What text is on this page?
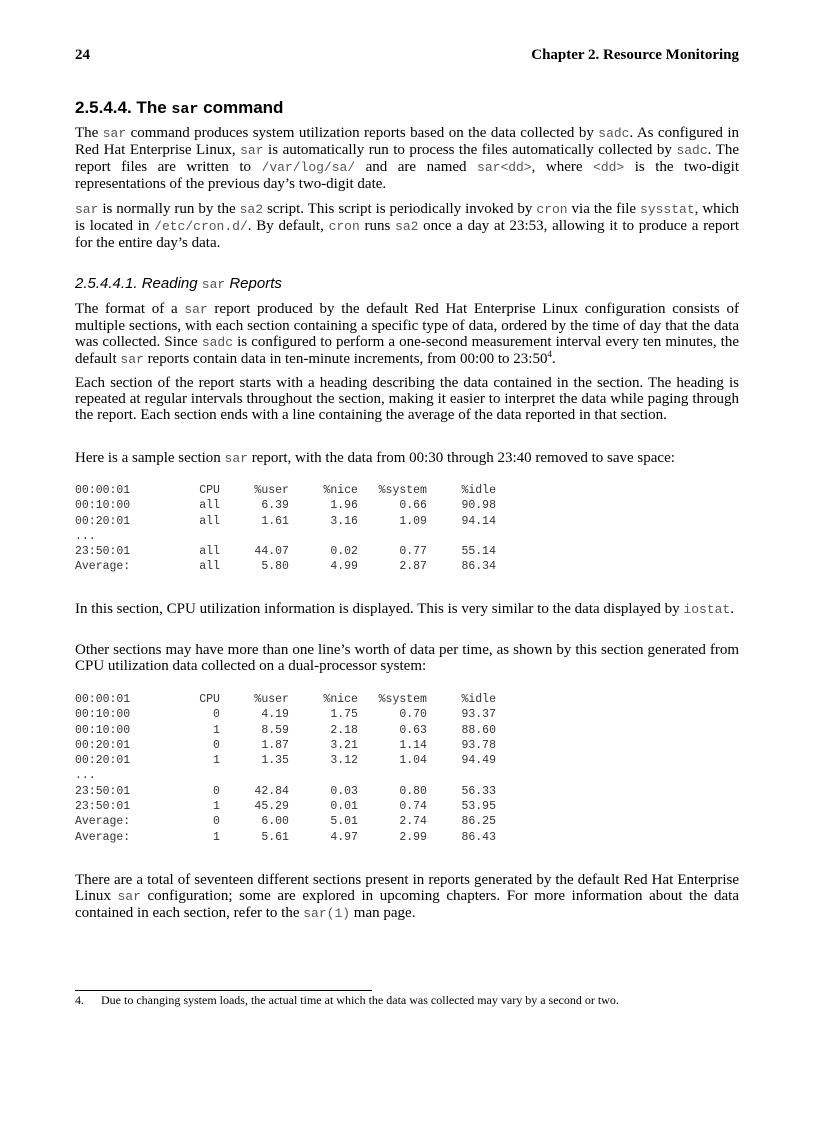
24	Chapter 2. Resource Monitoring
2.5.4.4. The sar command

The sar command produces system utilization reports based on the data collected by sadc. As configured in Red Hat Enterprise Linux, sar is automatically run to process the files automatically collected by sadc. The report files are written to /var/log/sa/ and are named sar<dd>, where <dd> is the two-digit representations of the previous day’s two-digit date.

sar is normally run by the sa2 script. This script is periodically invoked by cron via the file sysstat, which is located in /etc/cron.d/. By default, cron runs sa2 once a day at 23:53, allowing it to produce a report for the entire day’s data.

2.5.4.4.1. Reading sar Reports

The format of a sar report produced by the default Red Hat Enterprise Linux configuration consists of multiple sections, with each section containing a specific type of data, ordered by the time of day that the data was collected. Since sadc is configured to perform a one-second measurement interval every ten minutes, the default sar reports contain data in ten-minute increments, from 00:00 to $23:50^4$.

Each section of the report starts with a heading describing the data contained in the section. The heading is repeated at regular intervals throughout the section, making it easier to interpret the data while paging through the report. Each section ends with a line containing the average of the data reported in that section.

Here is a sample section sar report, with the data from 00:30 through 23:40 removed to save space:

00:00:01          CPU     %user     %nice   %system     %idle
00:10:00          all      6.39      1.96      0.66     90.98
00:20:01          all      1.61      3.16      1.09     94.14
...
23:50:01          all     44.07      0.02      0.77     55.14
Average:          all      5.80      4.99      2.87     86.34

In this section, CPU utilization information is displayed. This is very similar to the data displayed by iostat.

Other sections may have more than one line’s worth of data per time, as shown by this section generated from CPU utilization data collected on a dual-processor system:

00:00:01          CPU     %user     %nice   %system     %idle
00:10:00            0      4.19      1.75      0.70     93.37
00:10:00            1      8.59      2.18      0.63     88.60
00:20:01            0      1.87      3.21      1.14     93.78
00:20:01            1      1.35      3.12      1.04     94.49
...
23:50:01            0     42.84      0.03      0.80     56.33
23:50:01            1     45.29      0.01      0.74     53.95
Average:            0      6.00      5.01      2.74     86.25
Average:            1      5.61      4.97      2.99     86.43

There are a total of seventeen different sections present in reports generated by the default Red Hat Enterprise Linux sar configuration; some are explored in upcoming chapters. For more information about the data contained in each section, refer to the sar(1) man page.

4. Due to changing system loads, the actual time at which the data was collected may vary by a second or two.
